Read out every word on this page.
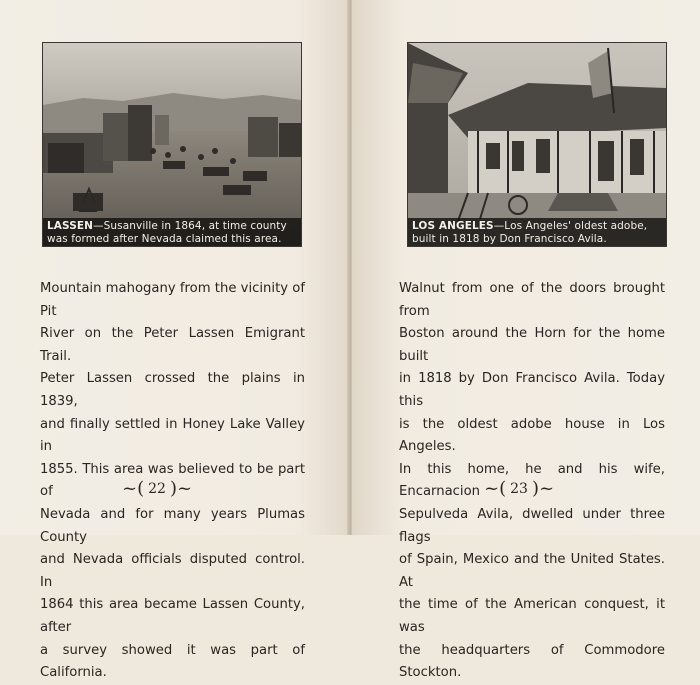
LASSEN—Susanville in 1864, at time county was formed after Nevada claimed this area.
Mountain mahogany from the vicinity of Pit
River on the Peter Lassen Emigrant Trail.
Peter Lassen crossed the plains in 1839,
and finally settled in Honey Lake Valley in
1855. This area was believed to be part of
Nevada and for many years Plumas County
and Nevada officials disputed control. In
1864 this area became Lassen County, after
a survey showed it was part of California.
~( 22 )~
LOS ANGELES—Los Angeles' oldest adobe, built in 1818 by Don Francisco Avila.
Walnut from one of the doors brought from
Boston around the Horn for the home built
in 1818 by Don Francisco Avila. Today this
is the oldest adobe house in Los Angeles.
In this home, he and his wife, Encarnacion
Sepulveda Avila, dwelled under three flags
of Spain, Mexico and the United States. At
the time of the American conquest, it was
the headquarters of Commodore Stockton.
~( 23 )~
